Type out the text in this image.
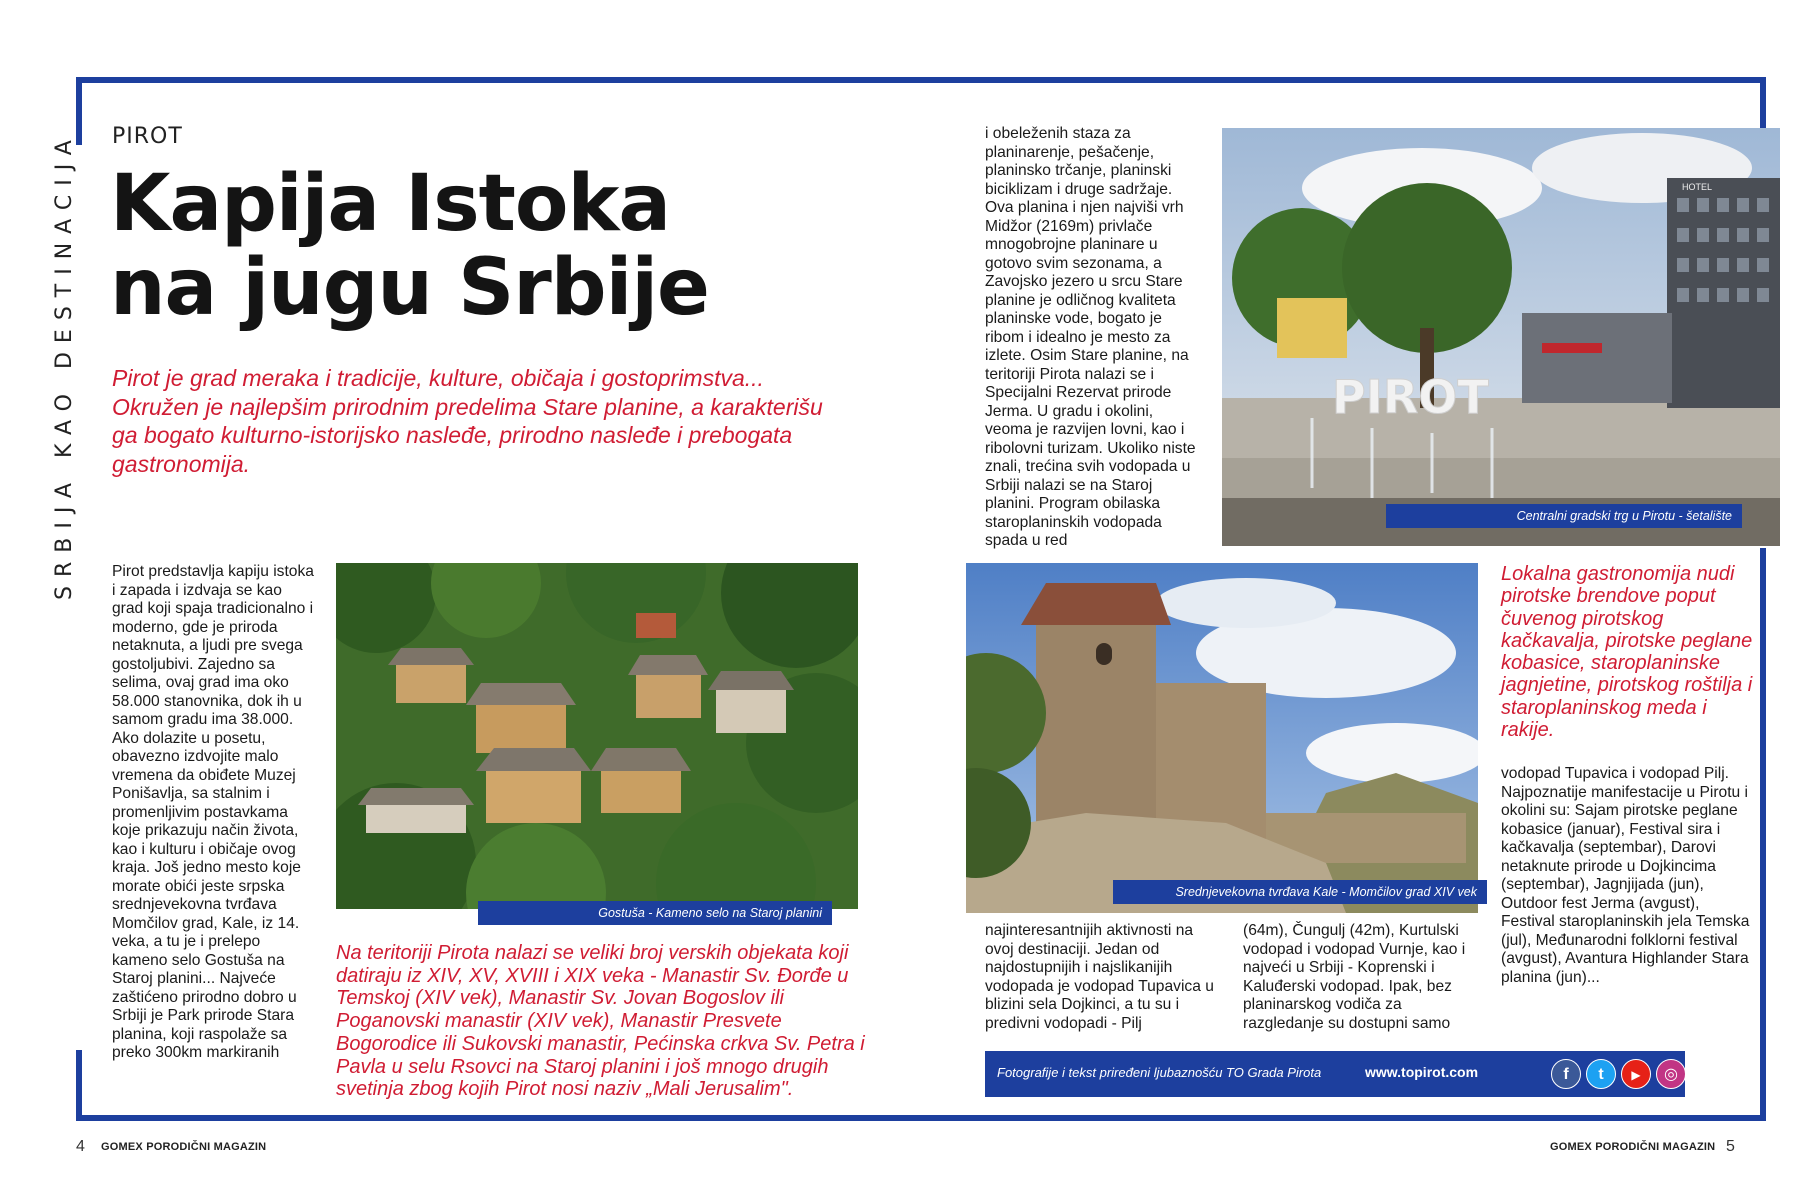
SRBIJA KAO DESTINACIJA PIROT
Kapija Istoka
na jugu Srbije
Pirot je grad meraka i tradicije, kulture, običaja i gostoprimstva... Okružen je najlepšim prirodnim predelima Stare planine, a karakterišu ga bogato kulturno-istorijsko nasleđe, prirodno nasleđe i prebogata gastronomija.
Pirot predstavlja kapiju istoka i zapada i izdvaja se kao grad koji spaja tradicionalno i moderno, gde je priroda netaknuta, a ljudi pre svega gostoljubivi. Zajedno sa selima, ovaj grad ima oko 58.000 stanovnika, dok ih u samom gradu ima 38.000. Ako dolazite u posetu, obavezno izdvojite malo vremena da obiđete Muzej Ponišavlja, sa stalnim i promenljivim postavkama koje prikazuju način života, kao i kulturu i običaje ovog kraja. Još jedno mesto koje morate obići jeste srpska srednjevekovna tvrđava Momčilov grad, Kale, iz 14. veka, a tu je i prelepo kameno selo Gostuša na Staroj planini... Najveće zaštićeno prirodno dobro u Srbiji je Park prirode Stara planina, koji raspolaže sa preko 300km markiranih
i obeleženih staza za planinarenje, pešačenje, planinsko trčanje, planinski biciklizam i druge sadržaje. Ova planina i njen najviši vrh Midžor (2169m) privlače mnogobrojne planinare u gotovo svim sezonama, a Zavojsko jezero u srcu Stare planine je odličnog kvaliteta planinske vode, bogato je ribom i idealno je mesto za izlete. Osim Stare planine, na teritoriji Pirota nalazi se i Specijalni Rezervat prirode Jerma. U gradu i okolini, veoma je razvijen lovni, kao i ribolovni turizam. Ukoliko niste znali, trećina svih vodopada u Srbiji nalazi se na Staroj planini. Program obilaska staroplaninskih vodopada spada u red
najinteresantnijih aktivnosti na ovoj destinaciji. Jedan od najdostupnijih i najslikanijih vodopada je vodopad Tupavica u blizini sela Dojkinci, a tu su i predivni vodopadi - Pilj
(64m), Čungulj (42m), Kurtulski vodopad i vodopad Vurnje, kao i najveći u Srbiji - Koprenski i Kaluđerski vodopad. Ipak, bez planinarskog vodiča za razgledanje su dostupni samo
vodopad Tupavica i vodopad Pilj. Najpoznatije manifestacije u Pirotu i okolini su: Sajam pirotske peglane kobasice (januar), Festival sira i kačkavalja (septembar), Darovi netaknute prirode u Dojkincima (septembar), Jagnjijada (jun), Outdoor fest Jerma (avgust), Festival staroplaninskih jela Temska (jul), Međunarodni folklorni festival (avgust), Avantura Highlander Stara planina (jun)...
Na teritoriji Pirota nalazi se veliki broj verskih objekata koji datiraju iz XIV, XV, XVIII i XIX veka - Manastir Sv. Đorđe u Temskoj (XIV vek), Manastir Sv. Jovan Bogoslov ili Poganovski manastir (XIV vek), Manastir Presvete Bogorodice ili Sukovski manastir, Pećinska crkva Sv. Petra i Pavla u selu Rsovci na Staroj planini i još mnogo drugih svetinja zbog kojih Pirot nosi naziv „Mali Jerusalim".
Lokalna gastronomija nudi pirotske brendove poput čuvenog pirotskog kačkavalja, pirotske peglane kobasice, staroplaninske jagnjetine, pirotskog roštilja i staroplaninskog meda i rakije.
Gostuša - Kameno selo na Staroj planini
HOTEL
PIROT
Centralni gradski trg u Pirotu - šetalište
Srednjevekovna tvrđava Kale - Momčilov grad XIV vek
Fotografije i tekst priređeni ljubaznošću TO Grada Pirota	www.topirot.com	f	t	▶	◎
4 GOMEX PORODIČNI MAGAZIN	GOMEX PORODIČNI MAGAZIN 5
